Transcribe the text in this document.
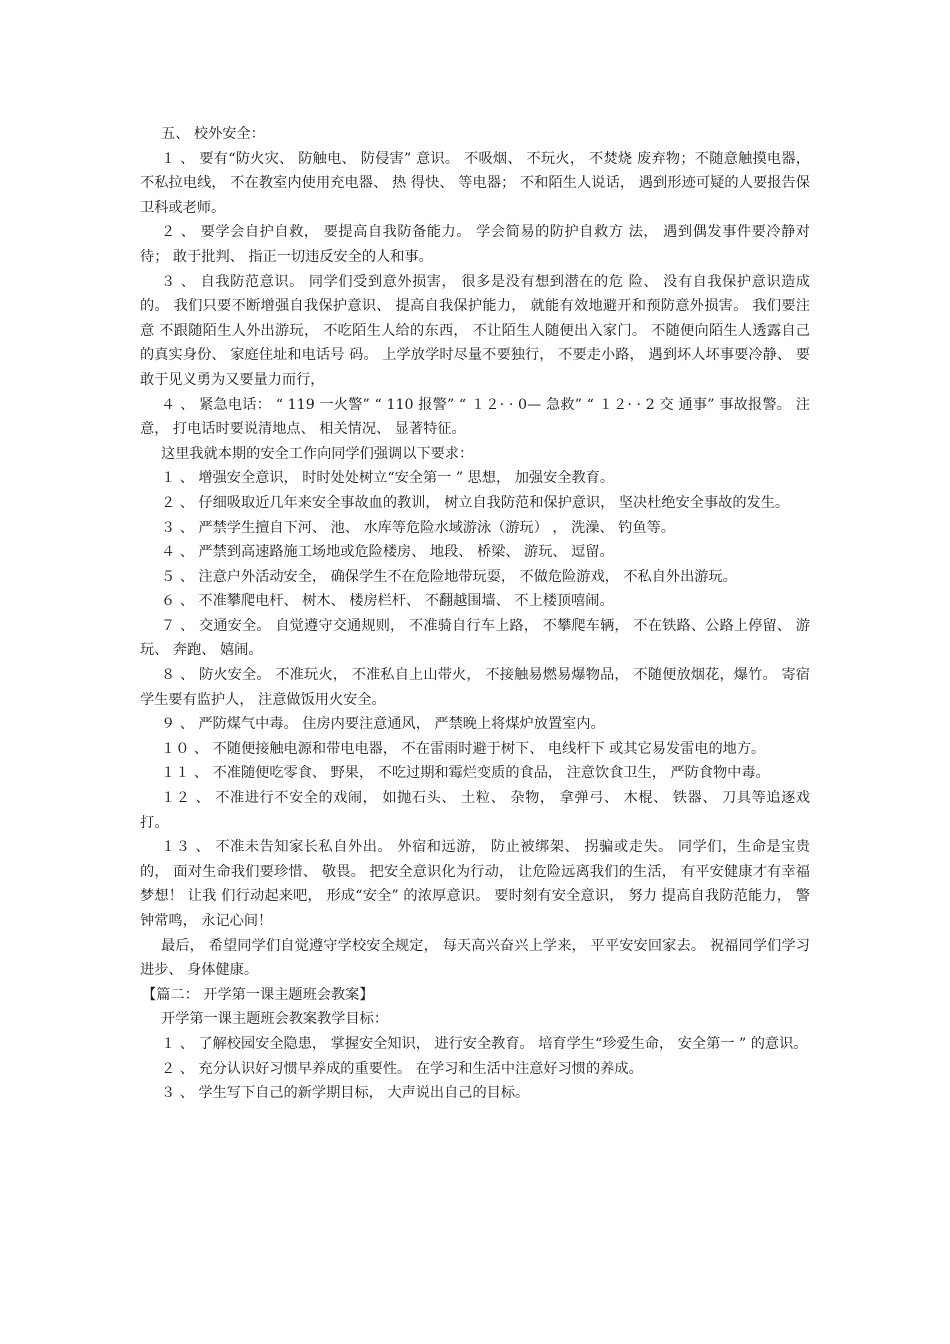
五、 校外安全：

１ 、 要有“防火灾、 防触电、 防侵害” 意识。 不吸烟、 不玩火， 不焚烧 废弃物；不随意触摸电器， 不私拉电线， 不在教室内使用充电器、 热 得快、 等电器； 不和陌生人说话， 遇到形迹可疑的人要报告保卫科或老师。

２ 、 要学会自护自救， 要提高自我防备能力。 学会简易的防护自救方 法， 遇到偶发事件要冷静对待； 敢于批判、 指正一切违反安全的人和事。

３ 、 自我防范意识。 同学们受到意外损害， 很多是没有想到潜在的危 险、 没有自我保护意识造成的。 我们只要不断增强自我保护意识、 提高自我保护能力， 就能有效地避开和预防意外损害。 我们要注意 不跟随陌生人外出游玩， 不吃陌生人给的东西， 不让陌生人随便出入家门。 不随便向陌生人透露自己的真实身份、 家庭住址和电话号 码。 上学放学时尽量不要独行， 不要走小路， 遇到坏人坏事要冷静、 要敢于见义勇为又要量力而行，

４ 、 紧急电话： “ 119 一火警” “ 110 报警” “ １２· · 0— 急救” “ １２· · 2 交 通事” 事故报警。 注意， 打电话时要说清地点、 相关情况、 显著特征。

这里我就本期的安全工作向同学们强调以下要求：

１ 、 增强安全意识， 时时处处树立“安全第一 ” 思想， 加强安全教育。

２ 、 仔细吸取近几年来安全事故血的教训， 树立自我防范和保护意识， 坚决杜绝安全事故的发生。

３ 、 严禁学生擅自下河、 池、 水库等危险水域游泳（游玩） ， 洗澡、 钓鱼等。

４ 、 严禁到高速路施工场地或危险楼房、 地段、 桥梁、 游玩、 逗留。

５ 、 注意户外活动安全， 确保学生不在危险地带玩耍， 不做危险游戏， 不私自外出游玩。

６ 、 不准攀爬电杆、 树木、 楼房栏杆、 不翻越围墙、 不上楼顶嘻闹。

７ 、 交通安全。 自觉遵守交通规则， 不准骑自行车上路， 不攀爬车辆， 不在铁路、公路上停留、 游玩、 奔跑、 嬉闹。

８ 、 防火安全。 不准玩火， 不准私自上山带火， 不接触易燃易爆物品， 不随便放烟花，爆竹。 寄宿学生要有监护人， 注意做饭用火安全。

９ 、 严防煤气中毒。 住房内要注意通风， 严禁晚上将煤炉放置室内。

１０ 、 不随便接触电源和带电电器， 不在雷雨时避于树下、 电线杆下 或其它易发雷电的地方。

１１ 、 不准随便吃零食、 野果， 不吃过期和霉烂变质的食品， 注意饮食卫生， 严防食物中毒。

１２ 、 不准进行不安全的戏闹， 如抛石头、 土粒、 杂物， 拿弹弓、 木棍、 铁器、 刀具等追逐戏打。

１３ 、 不准未告知家长私自外出。 外宿和远游， 防止被绑架、 拐骗或走失。 同学们，生命是宝贵的， 面对生命我们要珍惜、 敬畏。 把安全意识化为行动， 让危险远离我们的生活， 有平安健康才有幸福梦想！ 让我 们行动起来吧， 形成“安全” 的浓厚意识。 要时刻有安全意识， 努力 提高自我防范能力， 警钟常鸣， 永记心间！

最后， 希望同学们自觉遵守学校安全规定， 每天高兴奋兴上学来， 平平安安回家去。 祝福同学们学习进步、 身体健康。

【篇二： 开学第一课主题班会教案】

开学第一课主题班会教案教学目标：

１ 、 了解校园安全隐患， 掌握安全知识， 进行安全教育。 培育学生“珍爱生命， 安全第一 ” 的意识。

２ 、 充分认识好习惯早养成的重要性。 在学习和生活中注意好习惯的养成。

３ 、 学生写下自己的新学期目标， 大声说出自己的目标。
